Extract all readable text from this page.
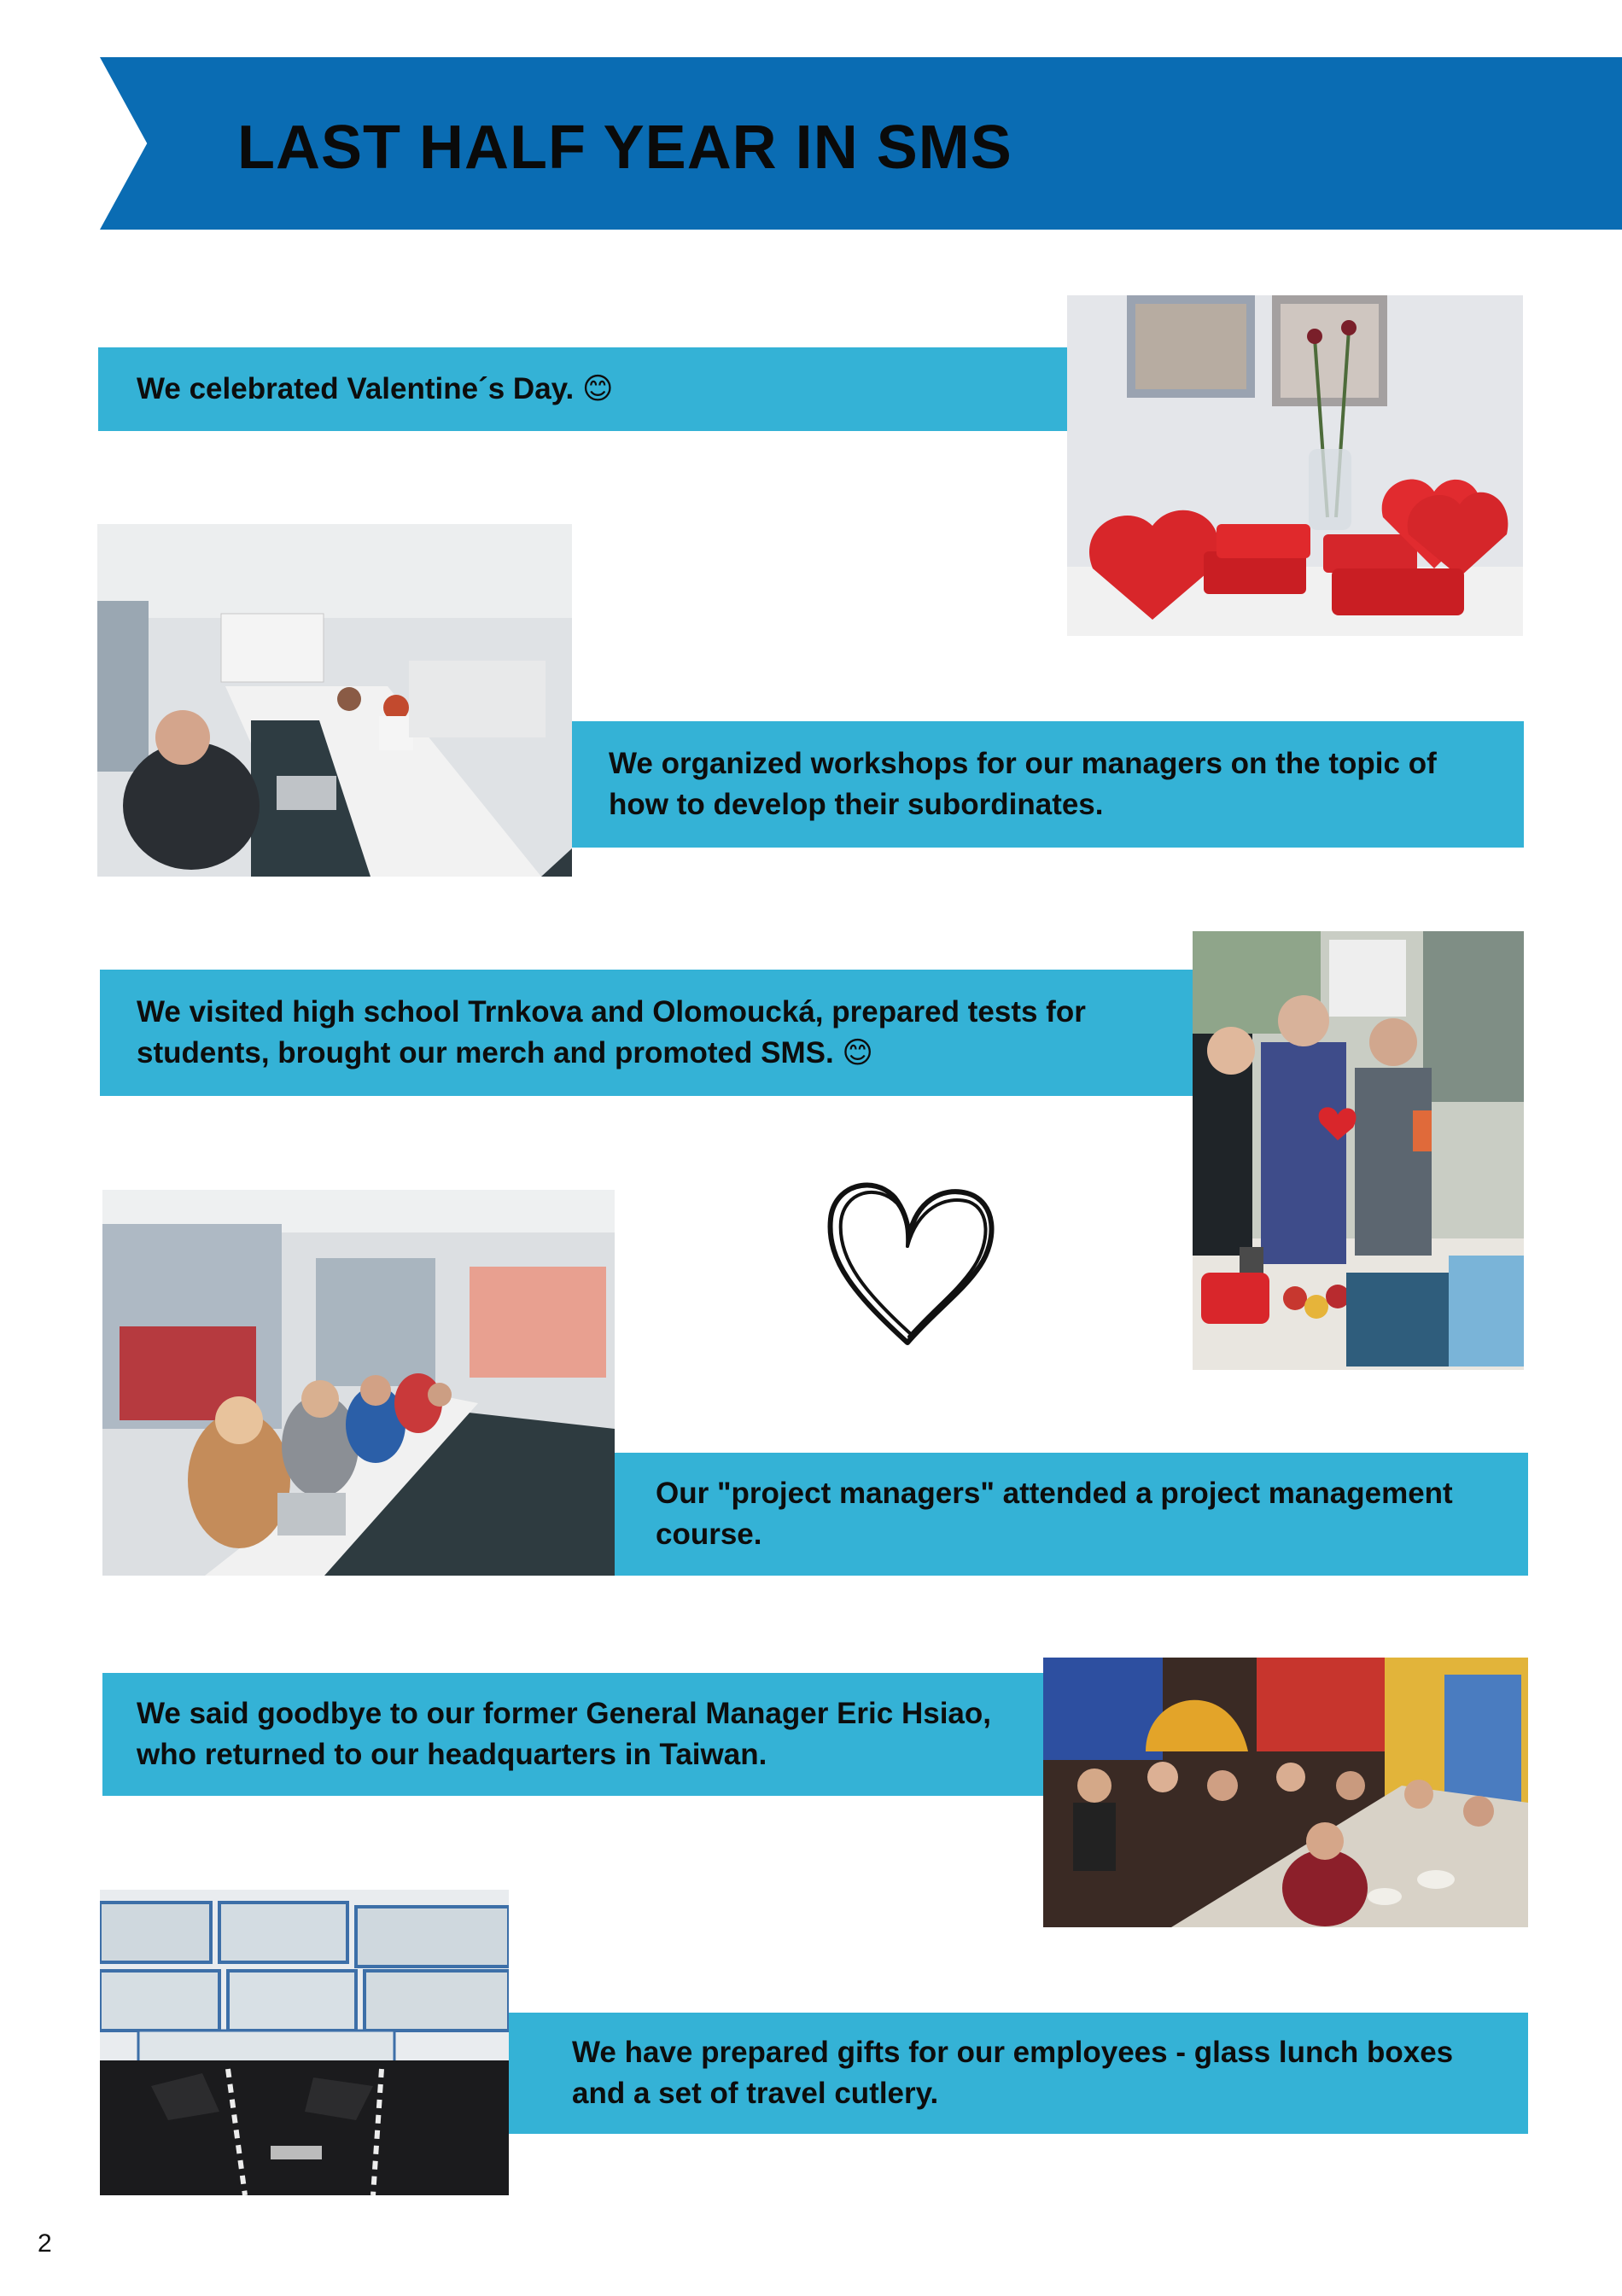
LAST HALF YEAR IN SMS
We celebrated Valentine´s Day. 😊
We organized workshops for our managers on the topic of how to develop their subordinates.
We visited high school Trnkova and Olomoucká, prepared tests for students, brought our merch and promoted SMS. 😊
Our "project managers" attended a project management course.
We said goodbye to our former General Manager Eric Hsiao, who returned to our headquarters in Taiwan.
We have prepared gifts for our employees - glass lunch boxes and a set of travel cutlery.
2
